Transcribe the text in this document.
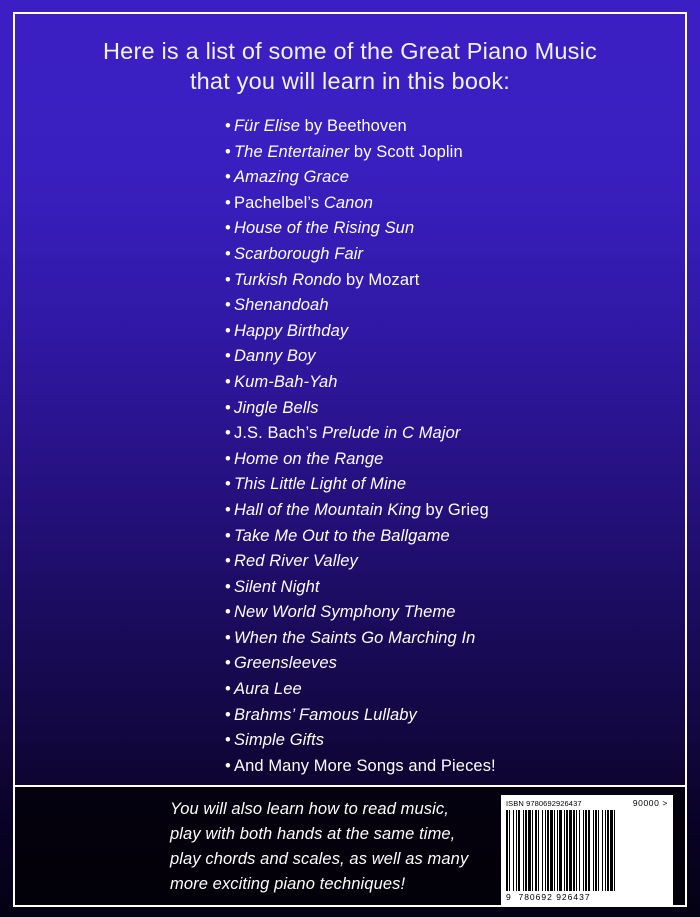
Here is a list of some of the Great Piano Music
that you will learn in this book:
• Für Elise by Beethoven
• The Entertainer by Scott Joplin
• Amazing Grace
• Pachelbel’s Canon
• House of the Rising Sun
• Scarborough Fair
• Turkish Rondo by Mozart
• Shenandoah
• Happy Birthday
• Danny Boy
• Kum-Bah-Yah
• Jingle Bells
• J.S. Bach’s Prelude in C Major
• Home on the Range
• This Little Light of Mine
• Hall of the Mountain King by Grieg
• Take Me Out to the Ballgame
• Red River Valley
• Silent Night
• New World Symphony Theme
• When the Saints Go Marching In
• Greensleeves
• Aura Lee
• Brahms’ Famous Lullaby
• Simple Gifts
• And Many More Songs and Pieces!
You will also learn how to read music,
play with both hands at the same time,
play chords and scales, as well as many
more exciting piano techniques!
ISBN 9780692926437	90000 >
9 780692 926437
